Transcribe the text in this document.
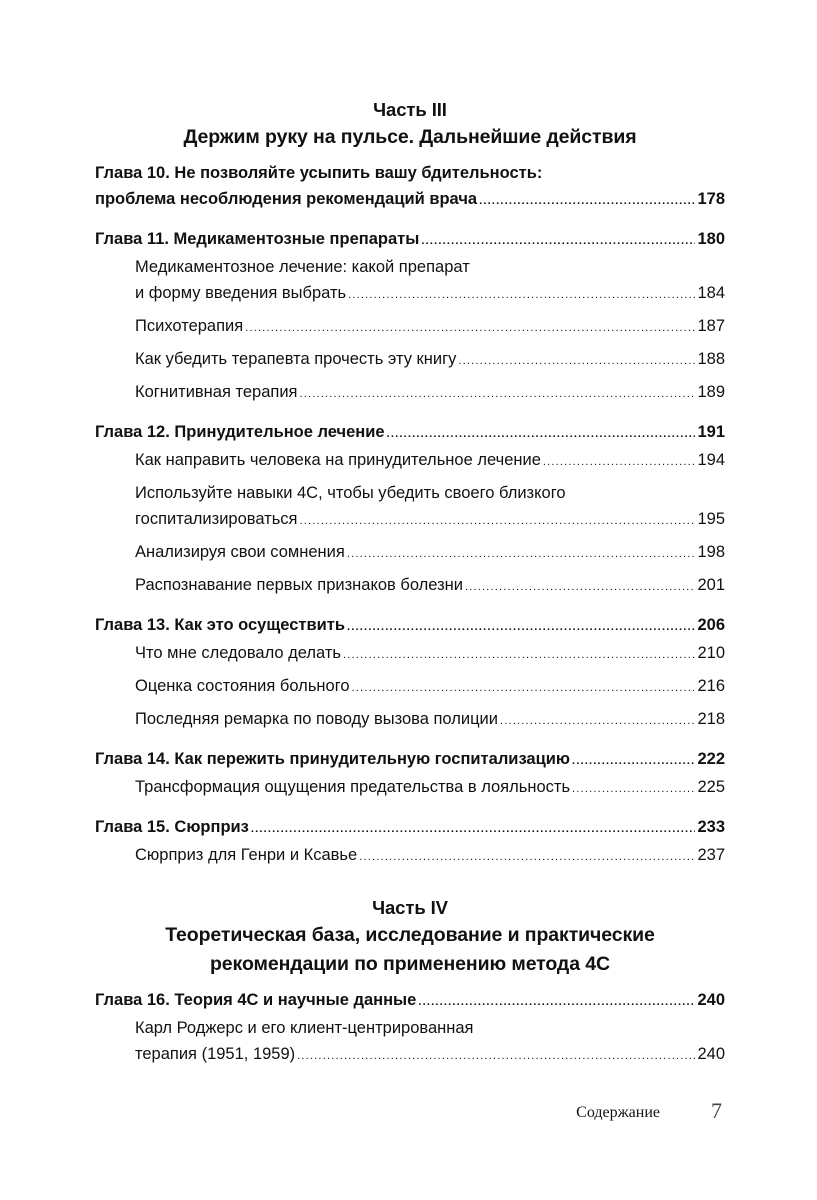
Часть III
Держим руку на пульсе. Дальнейшие действия
Глава 10. Не позволяйте усыпить вашу бдительность:
проблема несоблюдения рекомендаций врача .....	178
Глава 11. Медикаментозные препараты .....	180
Медикаментозное лечение: какой препарат
и форму введения выбрать .....	184
Психотерапия .....	187
Как убедить терапевта прочесть эту книгу .....	188
Когнитивная терапия .....	189
Глава 12. Принудительное лечение .....	191
Как направить человека на принудительное лечение .....	194
Используйте навыки 4С, чтобы убедить своего близкого
госпитализироваться .....	195
Анализируя свои сомнения .....	198
Распознавание первых признаков болезни .....	201
Глава 13. Как это осуществить .....	206
Что мне следовало делать .....	210
Оценка состояния больного .....	216
Последняя ремарка по поводу вызова полиции .....	218
Глава 14. Как пережить принудительную госпитализацию .....	222
Трансформация ощущения предательства в лояльность .....	225
Глава 15. Сюрприз .....	233
Сюрприз для Генри и Ксавье .....	237
Часть IV
Теоретическая база, исследование и практические
рекомендации по применению метода 4С
Глава 16. Теория 4С и научные данные .....	240
Карл Роджерс и его клиент-центрированная
терапия (1951, 1959) .....	240
Содержание 7
